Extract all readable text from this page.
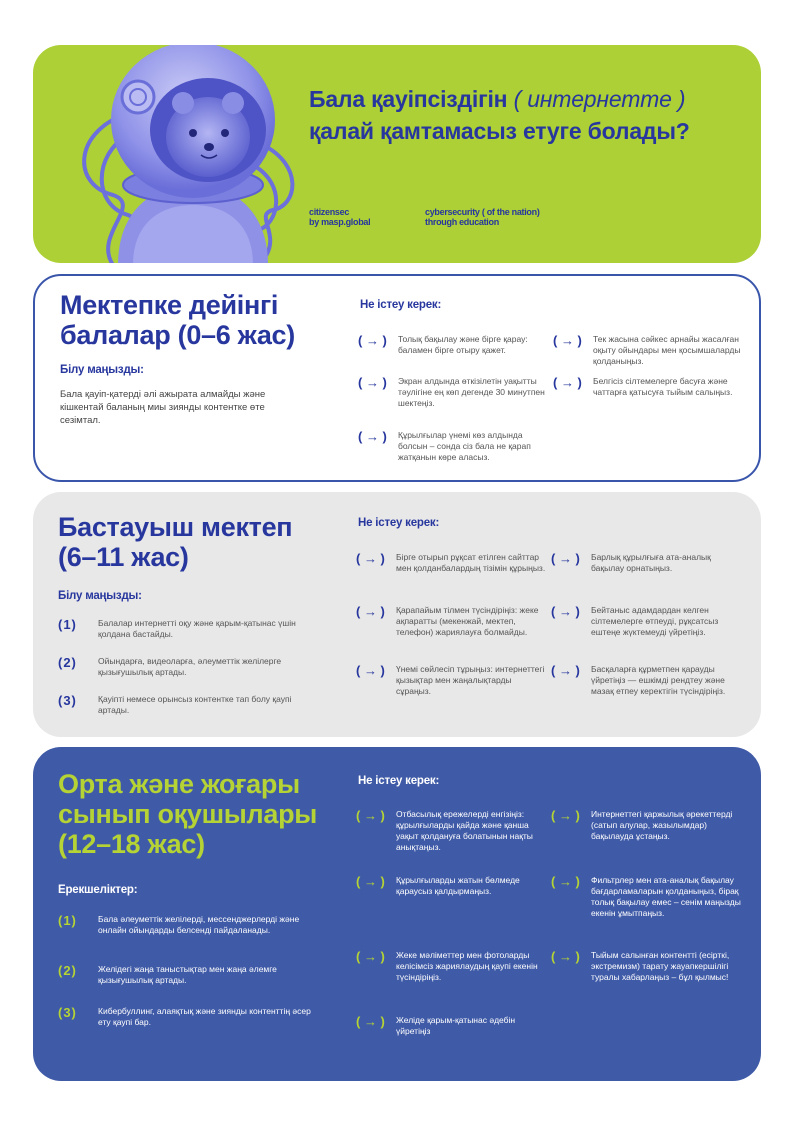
Бала қауіпсіздігін ( интернетте )
қалай қамтамасыз етуге болады?
citizensec
by masp.global
cybersecurity ( of the nation)
through education
Мектепке дейінгі
балалар (0–6 жас)
Білу маңызды:
Бала қауіп-қатерді әлі ажырата алмайды және кішкентай баланың миы зиянды контентке өте сезімтал.
Не істеу керек:
( → )	Толық бақылау және бірге қарау: баламен бірге отыру қажет.
( → )	Экран алдында өткізілетін уақытты тәулігіне ең көп дегенде 30 минутпен шектеңіз.
( → )	Құрылғылар үнемі көз алдында болсын – сонда сіз бала не қарап жатқанын көре аласыз.
( → )	Тек жасына сәйкес арнайы жасалған оқыту ойындары мен қосымшаларды қолданыңыз.
( → )	Белгісіз сілтемелерге басуға және чаттарға қатысуға тыйым салыңыз.
Бастауыш мектеп
(6–11 жас)
Білу маңызды:
(1)	Балалар интернетті оқу және қарым-қатынас үшін қолдана бастайды.
(2)	Ойындарға, видеоларға, әлеуметтік желілерге қызығушылық артады.
(3)	Қауіпті немесе орынсыз контентке тап болу қаупі артады.
Не істеу керек:
( → )	Бірге отырып рұқсат етілген сайттар мен қолданбалардың тізімін құрыңыз.
( → )	Қарапайым тілмен түсіндіріңіз: жеке ақпаратты (мекенжай, мектеп, телефон) жариялауға болмайды.
( → )	Үнемі сөйлесіп тұрыңыз: интернеттегі қызықтар мен жаңалықтарды сұраңыз.
( → )	Барлық құрылғыға ата-аналық бақылау орнатыңыз.
( → )	Бейтаныс адамдардан келген сілтемелерге өтпеуді, рұқсатсыз ештеңе жүктемеуді үйретіңіз.
( → )	Басқаларға құрметпен қарауды үйретіңіз — ешкімді рендтеу және мазақ етпеу керектігін түсіндіріңіз.
Орта және жоғары
сынып оқушылары
(12–18 жас)
Ерекшеліктер:
(1)	Бала әлеуметтік желілерді, мессенджерлерді және онлайн ойындарды белсенді пайдаланады.
(2)	Желідегі жаңа таныстықтар мен жаңа әлемге қызығушылық артады.
(3)	Кибербуллинг, алаяқтық және зиянды контенттің әсер ету қаупі бар.
Не істеу керек:
( → )	Отбасылық ережелерді енгізіңіз: құрылғыларды қайда және қанша уақыт қолдануға болатынын нақты анықтаңыз.
( → )	Құрылғыларды жатын бөлмеде қараусыз қалдырмаңыз.
( → )	Жеке мәліметтер мен фотоларды келісімсіз жариялаудың қаупі екенін түсіндіріңіз.
( → )	Желіде қарым-қатынас әдебін үйретіңіз
( → )	Интернеттегі қаржылық әрекеттерді (сатып алулар, жазылымдар) бақылауда ұстаңыз.
( → )	Фильтрлер мен ата-аналық бақылау бағдарламаларын қолданыңыз, бірақ толық бақылау емес – сенім маңызды екенін ұмытпаңыз.
( → )	Тыйым салынған контентті (есірткі, экстремизм) тарату жауапкершілігі туралы хабарлаңыз – бұл қылмыс!
